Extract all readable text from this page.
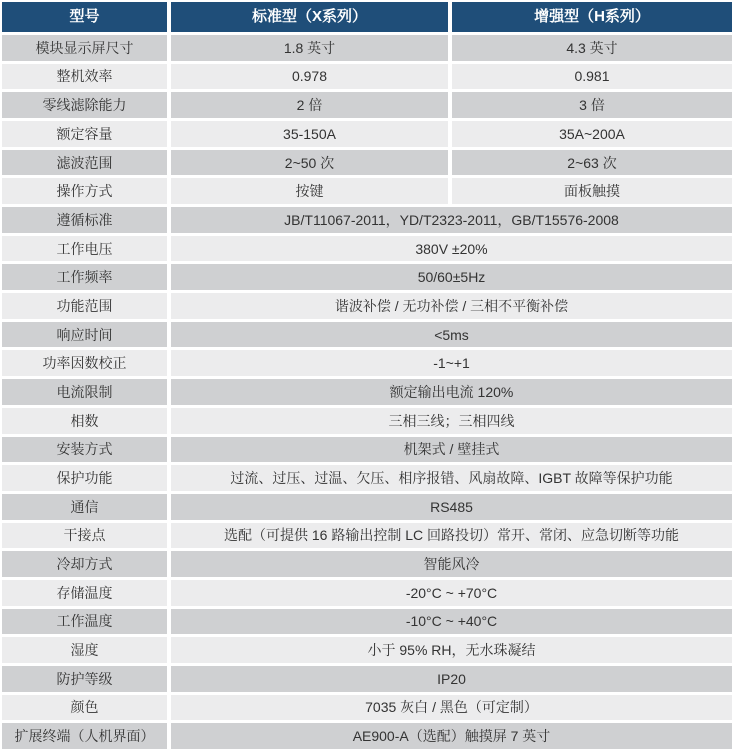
型号	标准型（X系列）	增强型（H系列）
模块显示屏尺寸	1.8 英寸	4.3 英寸
整机效率	0.978	0.981
零线滤除能力	2 倍	3 倍
额定容量	35-150A	35A~200A
滤波范围	2~50 次	2~63 次
操作方式	按键	面板触摸
遵循标准	JB/T11067-2011，YD/T2323-2011，GB/T15576-2008
工作电压	380V ±20%
工作频率	50/60±5Hz
功能范围	谐波补偿 / 无功补偿 / 三相不平衡补偿
响应时间	<5ms
功率因数校正	-1~+1
电流限制	额定输出电流 120%
相数	三相三线；三相四线
安装方式	机架式 / 壁挂式
保护功能	过流、过压、过温、欠压、相序报错、风扇故障、IGBT 故障等保护功能
通信	RS485
干接点	选配（可提供 16 路输出控制 LC 回路投切）常开、常闭、应急切断等功能
冷却方式	智能风冷
存储温度	-20°C ~ +70°C
工作温度	-10°C ~ +40°C
湿度	小于 95% RH，无水珠凝结
防护等级	IP20
颜色	7035 灰白 / 黑色（可定制）
扩展终端（人机界面）	AE900-A（选配）触摸屏 7 英寸
